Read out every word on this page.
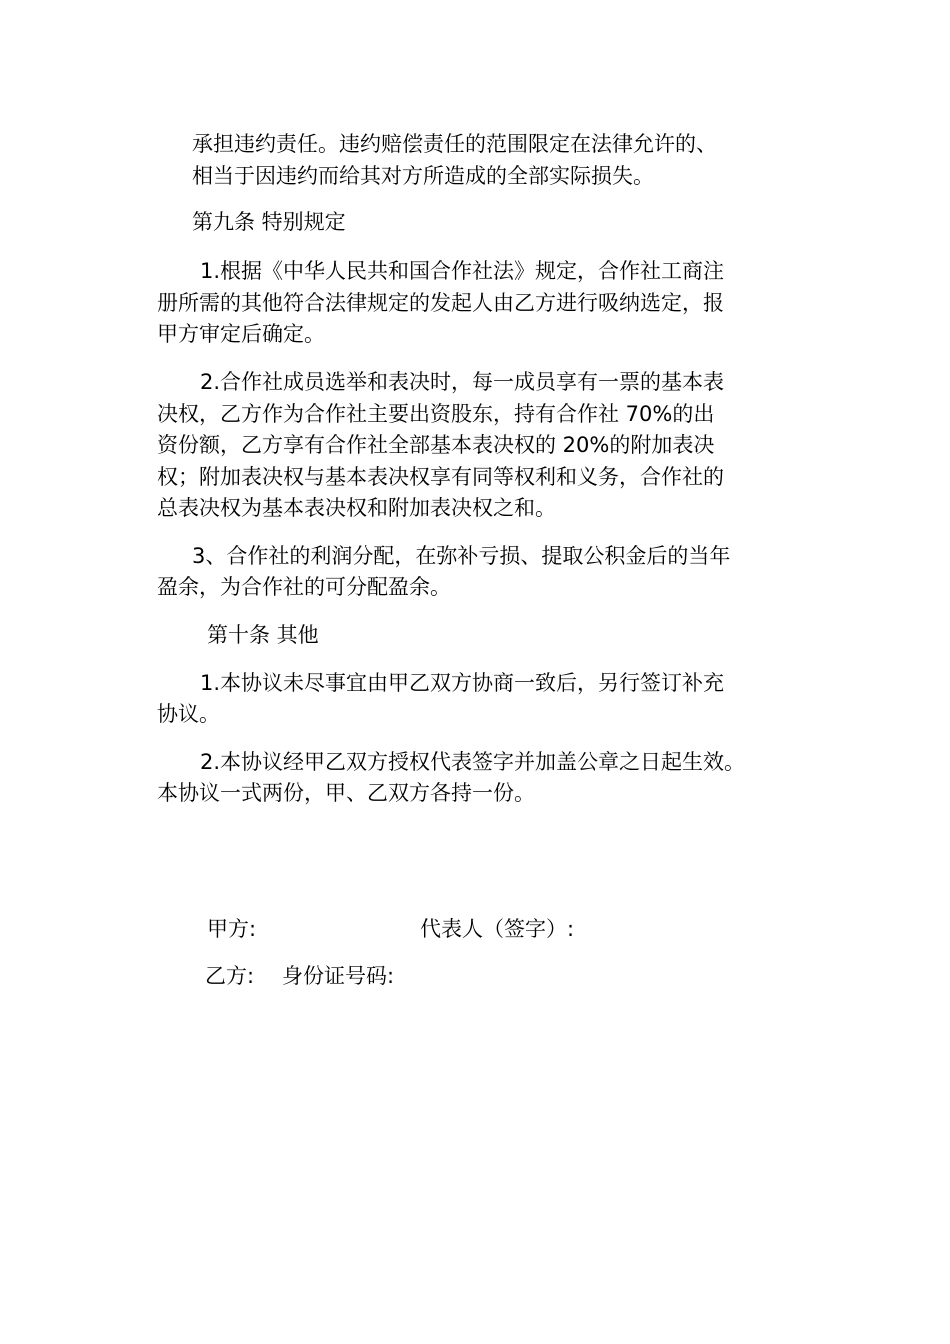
承担违约责任。违约赔偿责任的范围限定在法律允许的、
相当于因违约而给其对方所造成的全部实际损失。
第九条 特别规定
1.根据《中华人民共和国合作社法》规定，合作社工商注
册所需的其他符合法律规定的发起人由乙方进行吸纳选定，报
甲方审定后确定。
2.合作社成员选举和表决时，每一成员享有一票的基本表
决权，乙方作为合作社主要出资股东，持有合作社 70%的出
资份额，乙方享有合作社全部基本表决权的 20%的附加表决
权；附加表决权与基本表决权享有同等权利和义务，合作社的
总表决权为基本表决权和附加表决权之和。
3、合作社的利润分配，在弥补亏损、提取公积金后的当年
盈余，为合作社的可分配盈余。
第十条 其他
1.本协议未尽事宜由甲乙双方协商一致后，另行签订补充
协议。
2.本协议经甲乙双方授权代表签字并加盖公章之日起生效。
本协议一式两份，甲、乙双方各持一份。
甲方:	代表人（签字）:
乙方: 身份证号码:
